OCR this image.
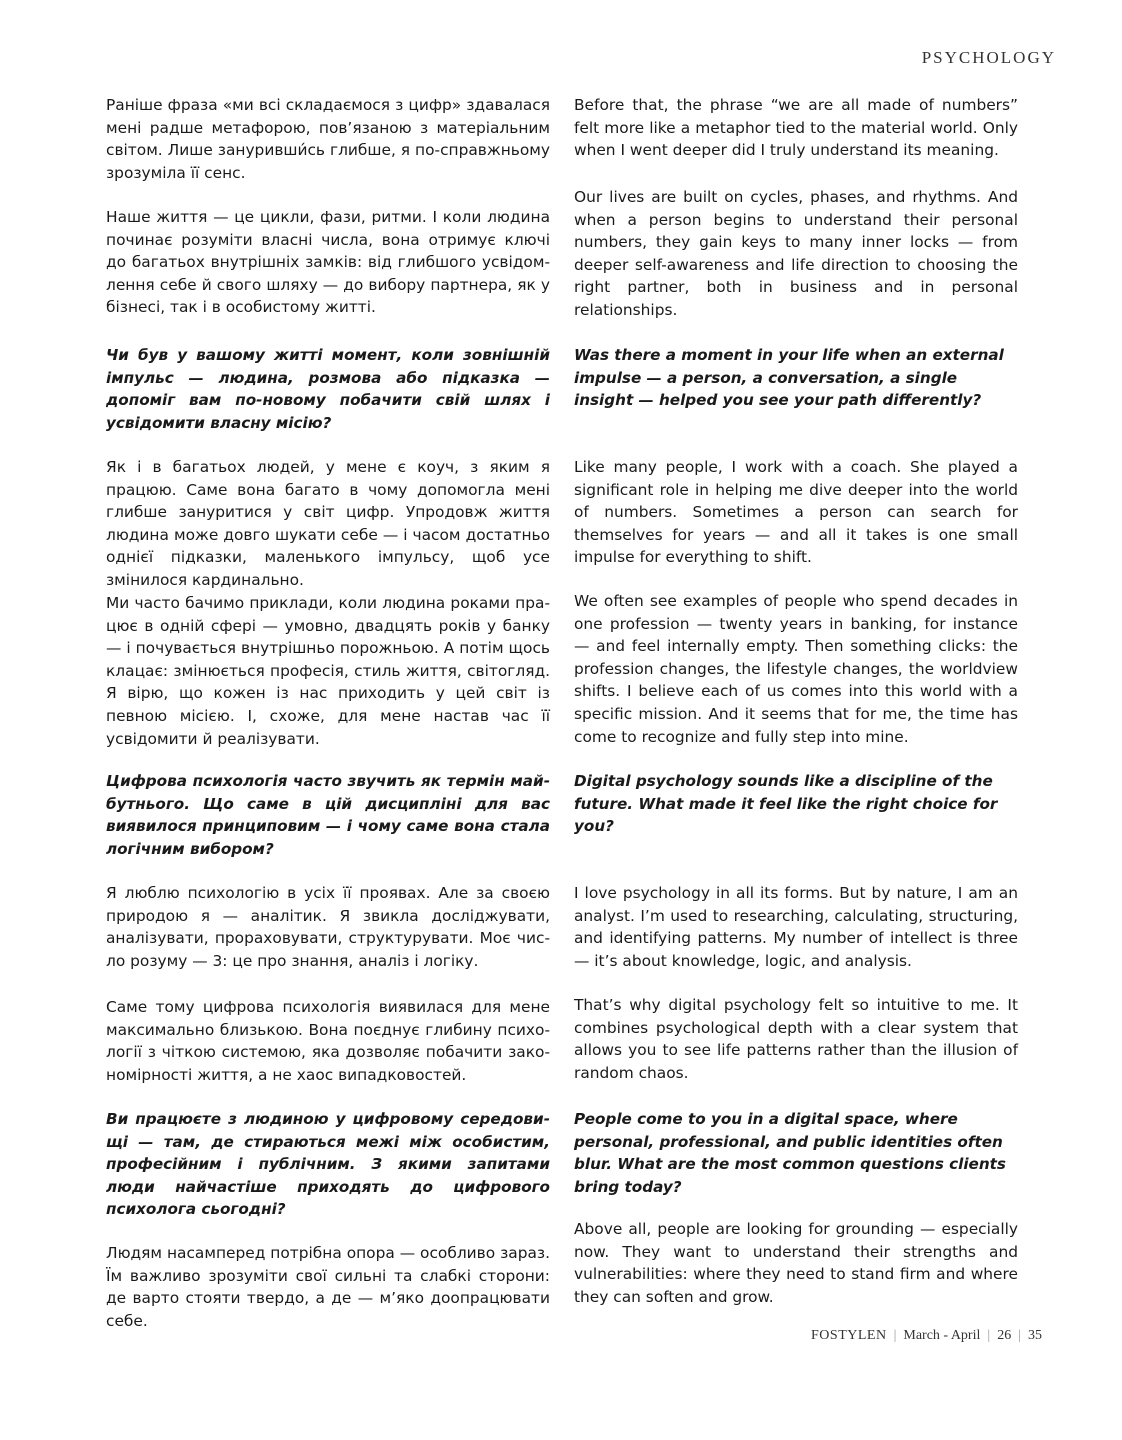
PSYCHOLOGY

Раніше фраза «ми всі складаємося з цифр» здавалася мені радше метафорою, пов’язаною з матеріальним світом. Лише зануривши́сь глибше, я по-справжньому зрозуміла її сенс.

Наше життя — це цикли, фази, ритми. І коли людина починає розуміти власні числа, вона отримує ключі до багатьох внутрішніх замків: від глибшого усвідомлення себе й свого шляху — до вибору партнера, як у бізнесі, так і в особистому житті.

Чи був у вашому житті момент, коли зовнішній імпульс — людина, розмова або підказка — допоміг вам по-новому побачити свій шлях і усвідомити власну місію?

Як і в багатьох людей, у мене є коуч, з яким я працюю. Саме вона багато в чому допомогла мені глибше зануритися у світ цифр. Упродовж життя людина може довго шукати себе — і часом достатньо однієї підказки, маленького імпульсу, щоб усе змінилося кардинально.

Ми часто бачимо приклади, коли людина роками працює в одній сфері — умовно, двадцять років у банку — і почувається внутрішньо порожньою. А потім щось клацає: змінюється професія, стиль життя, світогляд. Я вірю, що кожен із нас приходить у цей світ із певною місією. І, схоже, для мене настав час її усвідомити й реалізувати.

Цифрова психологія часто звучить як термін майбутнього. Що саме в цій дисципліні для вас виявилося принциповим — і чому саме вона стала логічним вибором?

Я люблю психологію в усіх її проявах. Але за своєю природою я — аналітик. Я звикла досліджувати, аналізувати, прораховувати, структурувати. Моє число розуму — 3: це про знання, аналіз і логіку.

Саме тому цифрова психологія виявилася для мене максимально близькою. Вона поєднує глибину психології з чіткою системою, яка дозволяє побачити закономірності життя, а не хаос випадковостей.

Ви працюєте з людиною у цифровому середовищі — там, де стираються межі між особистим, професійним і публічним. З якими запитами люди найчастіше приходять до цифрового психолога сьогодні?

Людям насамперед потрібна опора — особливо зараз. Їм важливо зрозуміти свої сильні та слабкі сторони: де варто стояти твердо, а де — м’яко доопрацювати себе.

Before that, the phrase “we are all made of numbers” felt more like a metaphor tied to the material world. Only when I went deeper did I truly understand its meaning.

Our lives are built on cycles, phases, and rhythms. And when a person begins to understand their personal numbers, they gain keys to many inner locks — from deeper self-awareness and life direction to choosing the right partner, both in business and in personal relationships.

Was there a moment in your life when an external impulse — a person, a conversation, a single insight — helped you see your path differently?

Like many people, I work with a coach. She played a significant role in helping me dive deeper into the world of numbers. Sometimes a person can search for themselves for years — and all it takes is one small impulse for everything to shift.

We often see examples of people who spend decades in one profession — twenty years in banking, for instance — and feel internally empty. Then something clicks: the profession changes, the lifestyle changes, the worldview shifts. I believe each of us comes into this world with a specific mission. And it seems that for me, the time has come to recognize and fully step into mine.

Digital psychology sounds like a discipline of the future. What made it feel like the right choice for you?

I love psychology in all its forms. But by nature, I am an analyst. I’m used to researching, calculating, structuring, and identifying patterns. My number of intellect is three — it’s about knowledge, logic, and analysis.

That’s why digital psychology felt so intuitive to me. It combines psychological depth with a clear system that allows you to see life patterns rather than the illusion of random chaos.

People come to you in a digital space, where personal, professional, and public identities often blur. What are the most common questions clients bring today?

Above all, people are looking for grounding — especially now. They want to understand their strengths and vulnerabilities: where they need to stand firm and where they can soften and grow.

FOSTYLEN | March - April | 26 | 35
